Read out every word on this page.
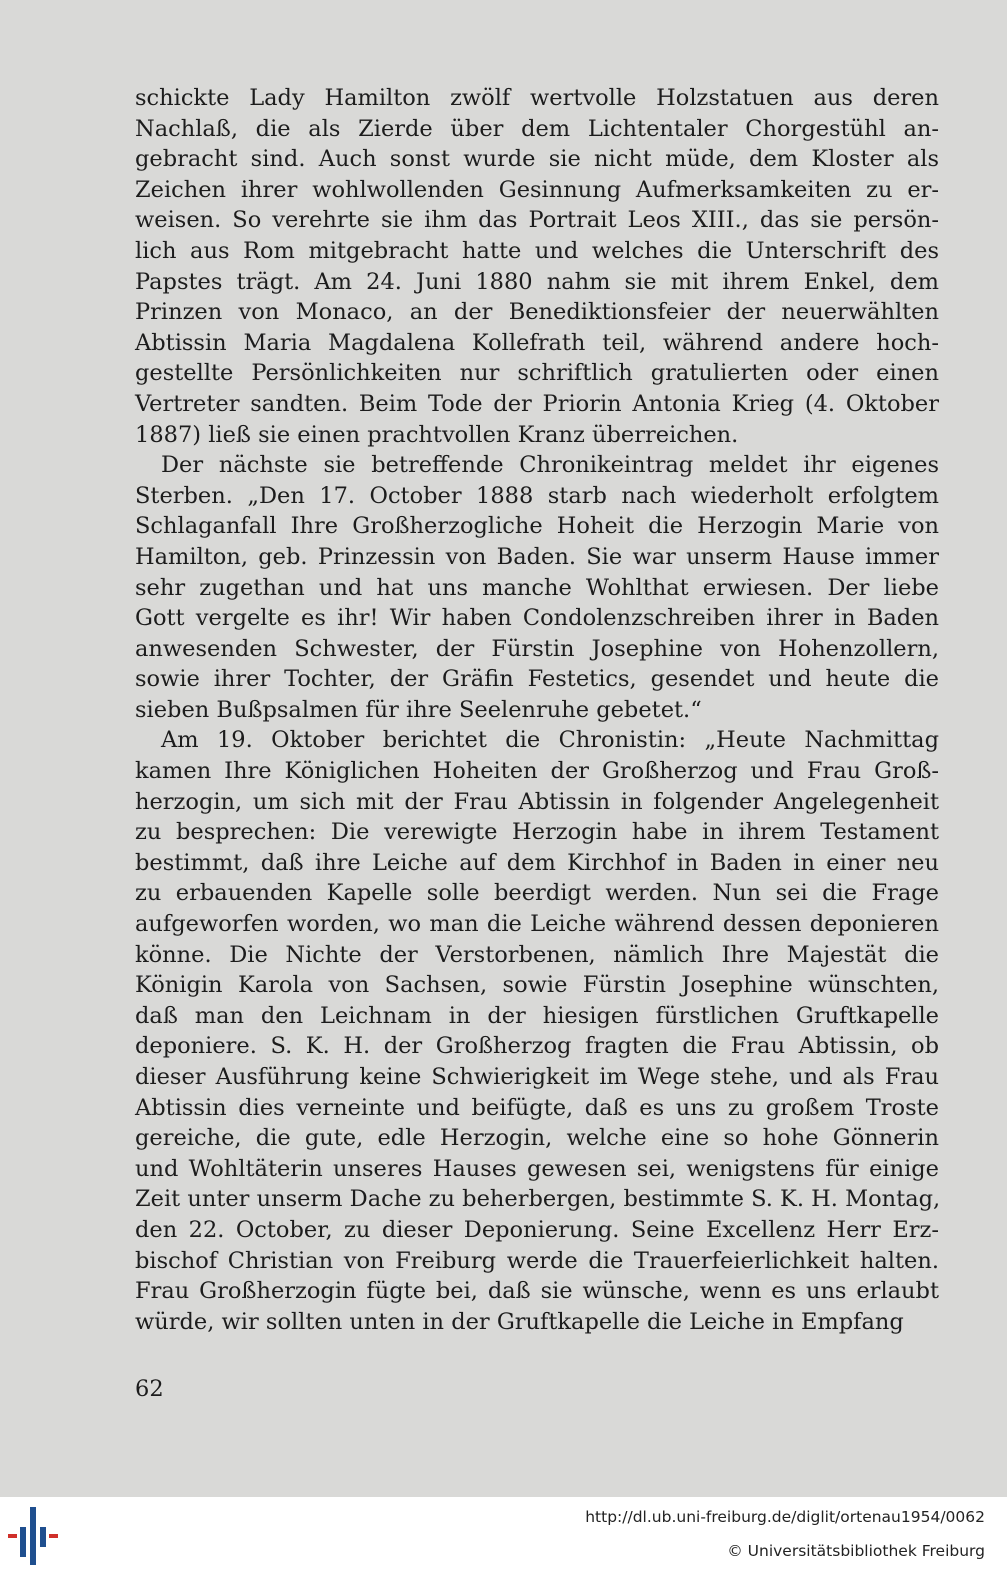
schickte Lady Hamilton zwölf wertvolle Holzstatuen aus deren
Nachlaß, die als Zierde über dem Lichtentaler Chorgestühl an-
gebracht sind. Auch sonst wurde sie nicht müde, dem Kloster als
Zeichen ihrer wohlwollenden Gesinnung Aufmerksamkeiten zu er-
weisen. So verehrte sie ihm das Portrait Leos XIII., das sie persön-
lich aus Rom mitgebracht hatte und welches die Unterschrift des
Papstes trägt. Am 24. Juni 1880 nahm sie mit ihrem Enkel, dem
Prinzen von Monaco, an der Benediktionsfeier der neuerwählten
Abtissin Maria Magdalena Kollefrath teil, während andere hoch-
gestellte Persönlichkeiten nur schriftlich gratulierten oder einen
Vertreter sandten. Beim Tode der Priorin Antonia Krieg (4. Oktober
1887) ließ sie einen prachtvollen Kranz überreichen.

Der nächste sie betreffende Chronikeintrag meldet ihr eigenes
Sterben. „Den 17. October 1888 starb nach wiederholt erfolgtem
Schlaganfall Ihre Großherzogliche Hoheit die Herzogin Marie von
Hamilton, geb. Prinzessin von Baden. Sie war unserm Hause immer
sehr zugethan und hat uns manche Wohlthat erwiesen. Der liebe
Gott vergelte es ihr! Wir haben Condolenzschreiben ihrer in Baden
anwesenden Schwester, der Fürstin Josephine von Hohenzollern,
sowie ihrer Tochter, der Gräfin Festetics, gesendet und heute die
sieben Bußpsalmen für ihre Seelenruhe gebetet.“

Am 19. Oktober berichtet die Chronistin: „Heute Nachmittag
kamen Ihre Königlichen Hoheiten der Großherzog und Frau Groß-
herzogin, um sich mit der Frau Abtissin in folgender Angelegenheit
zu besprechen: Die verewigte Herzogin habe in ihrem Testament
bestimmt, daß ihre Leiche auf dem Kirchhof in Baden in einer neu
zu erbauenden Kapelle solle beerdigt werden. Nun sei die Frage
aufgeworfen worden, wo man die Leiche während dessen deponieren
könne. Die Nichte der Verstorbenen, nämlich Ihre Majestät die
Königin Karola von Sachsen, sowie Fürstin Josephine wünschten,
daß man den Leichnam in der hiesigen fürstlichen Gruftkapelle
deponiere. S. K. H. der Großherzog fragten die Frau Abtissin, ob
dieser Ausführung keine Schwierigkeit im Wege stehe, und als Frau
Abtissin dies verneinte und beifügte, daß es uns zu großem Troste
gereiche, die gute, edle Herzogin, welche eine so hohe Gönnerin
und Wohltäterin unseres Hauses gewesen sei, wenigstens für einige
Zeit unter unserm Dache zu beherbergen, bestimmte S. K. H. Montag,
den 22. October, zu dieser Deponierung. Seine Excellenz Herr Erz-
bischof Christian von Freiburg werde die Trauerfeierlichkeit halten.
Frau Großherzogin fügte bei, daß sie wünsche, wenn es uns erlaubt
würde, wir sollten unten in der Gruftkapelle die Leiche in Empfang

62
http://dl.ub.uni-freiburg.de/diglit/ortenau1954/0062
© Universitätsbibliothek Freiburg
